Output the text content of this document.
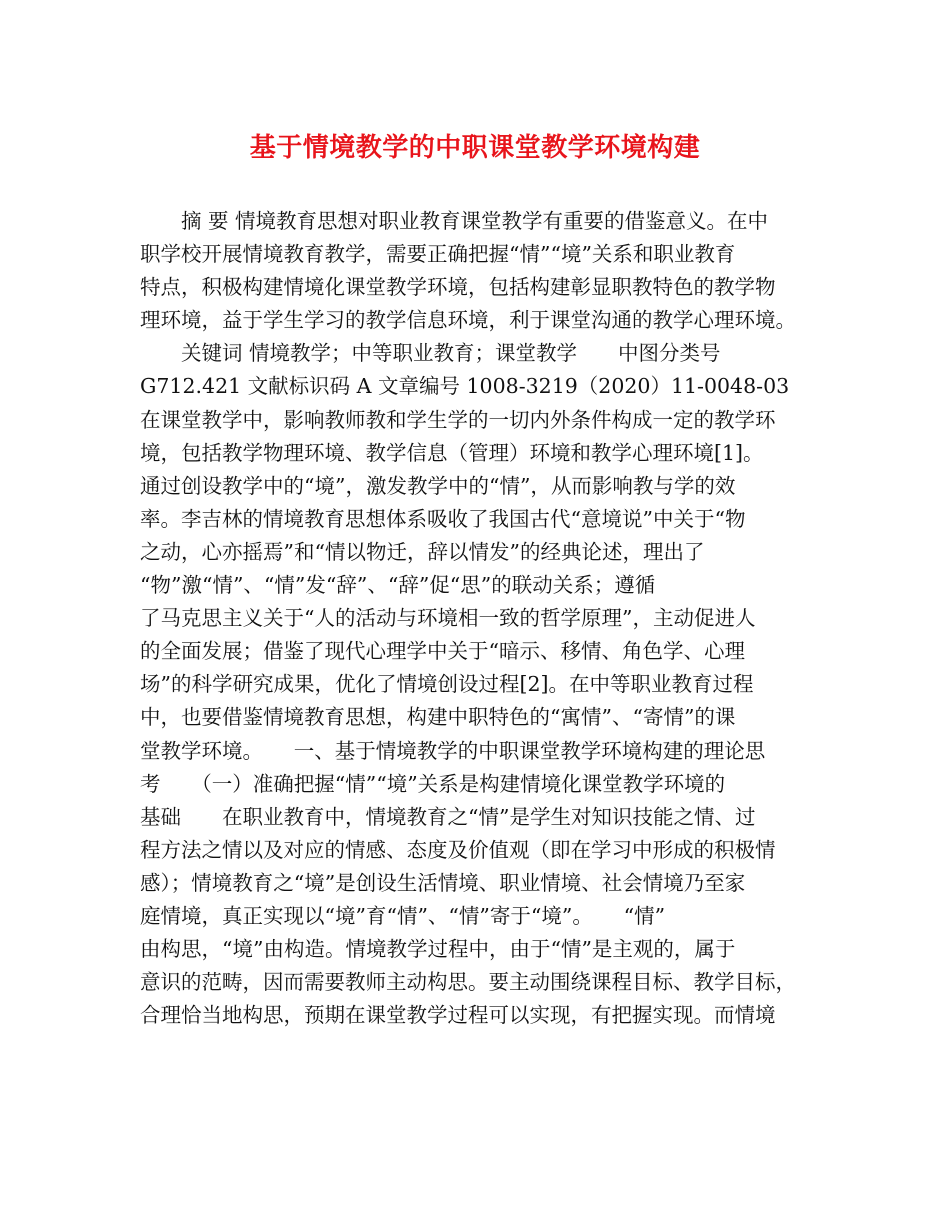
基于情境教学的中职课堂教学环境构建
　　摘 要 情境教育思想对职业教育课堂教学有重要的借鉴意义。在中
职学校开展情境教育教学，需要正确把握“情”“境”关系和职业教育
特点，积极构建情境化课堂教学环境，包括构建彰显职教特色的教学物
理环境，益于学生学习的教学信息环境，利于课堂沟通的教学心理环境。
　　关键词 情境教学；中等职业教育；课堂教学　　中图分类号
G712.421 文献标识码 A 文章编号 1008-3219（2020）11-0048-03
在课堂教学中，影响教师教和学生学的一切内外条件构成一定的教学环
境，包括教学物理环境、教学信息（管理）环境和教学心理环境[1]。
通过创设教学中的“境”，激发教学中的“情”，从而影响教与学的效
率。李吉林的情境教育思想体系吸收了我国古代“意境说”中关于“物
之动，心亦摇焉”和“情以物迁，辞以情发”的经典论述，理出了
“物”激“情”、“情”发“辞”、“辞”促“思”的联动关系；遵循
了马克思主义关于“人的活动与环境相一致的哲学原理”，主动促进人
的全面发展；借鉴了现代心理学中关于“暗示、移情、角色学、心理
场”的科学研究成果，优化了情境创设过程[2]。在中等职业教育过程
中，也要借鉴情境教育思想，构建中职特色的“寓情”、“寄情”的课
堂教学环境。　　一、基于情境教学的中职课堂教学环境构建的理论思
考　　（一）准确把握“情”“境”关系是构建情境化课堂教学环境的
基础　　在职业教育中，情境教育之“情”是学生对知识技能之情、过
程方法之情以及对应的情感、态度及价值观（即在学习中形成的积极情
感）；情境教育之“境”是创设生活情境、职业情境、社会情境乃至家
庭情境，真正实现以“境”育“情”、“情”寄于“境”。　　“情”
由构思，“境”由构造。情境教学过程中，由于“情”是主观的，属于
意识的范畴，因而需要教师主动构思。要主动围绕课程目标、教学目标，
合理恰当地构思，预期在课堂教学过程可以实现，有把握实现。而情境
